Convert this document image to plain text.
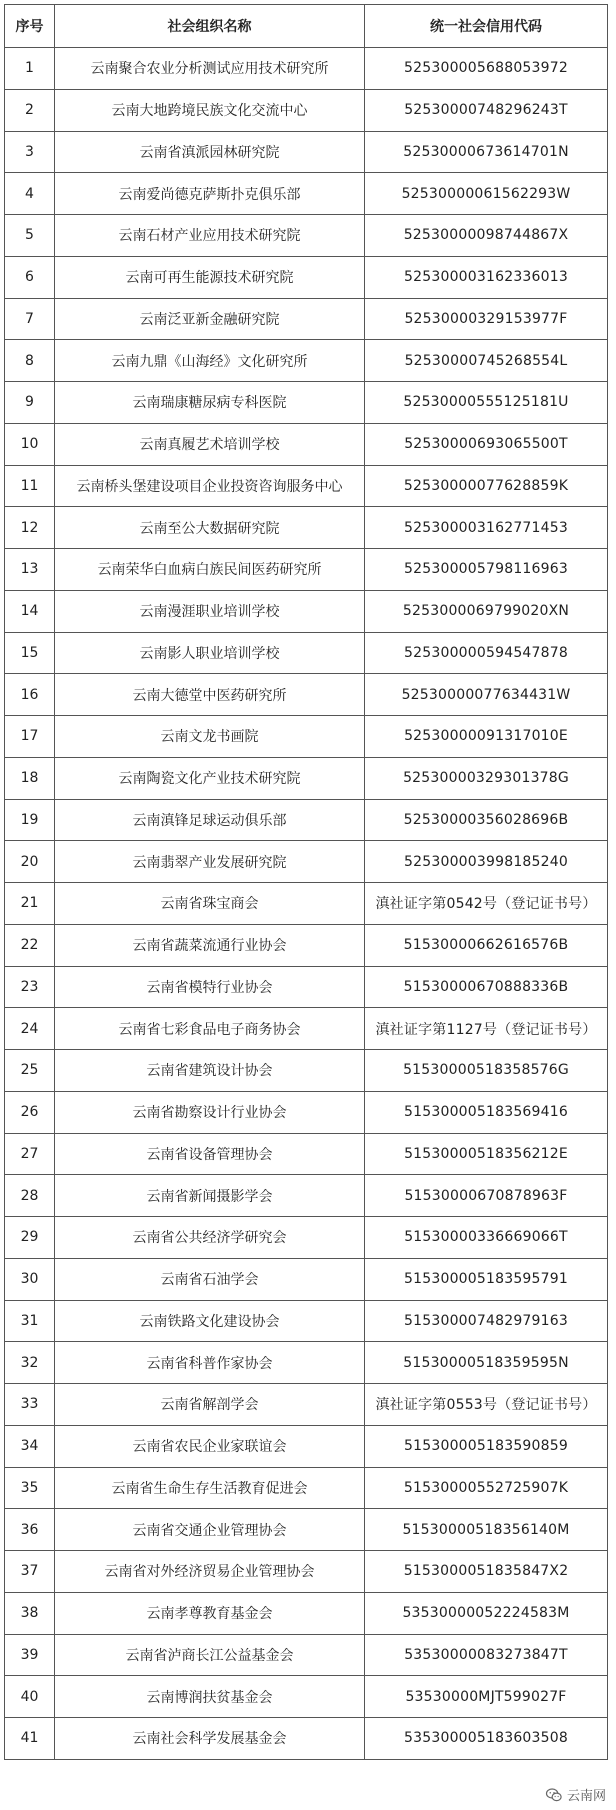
序号	社会组织名称	统一社会信用代码
1	云南聚合农业分析测试应用技术研究所	52530000568805397​2
2	云南大地跨境民族文化交流中心	525300007482962​43T
3	云南省滇派园林研究院	52530000673614701N
4	云南爱尚德克萨斯扑克俱乐部	52530000061562293W
5	云南石材产业应用技术研究院	52530000098744867X
6	云南可再生能源技术研究院	525300003162336013
7	云南泛亚新金融研究院	52530000329153977F
8	云南九鼎《山海经》文化研究所	52530000745268554L
9	云南瑞康糖尿病专科医院	52530000555125181U
10	云南真履艺术培训学校	52530000693065500T
11	云南桥头堡建设项目企业投资咨询服务中心	52530000077628859K
12	云南至公大数据研究院	525300003162771453
13	云南荣华白血病白族民间医药研究所	525300005798116963
14	云南漫涯职业培训学校	5253000069799020XN
15	云南影人职业培训学校	525300000594547878
16	云南大德堂中医药研究所	52530000077634431W
17	云南文龙书画院	52530000091317010E
18	云南陶瓷文化产业技术研究院	52530000329301378G
19	云南滇锋足球运动俱乐部	52530000356028696B
20	云南翡翠产业发展研究院	525300003998185240
21	云南省珠宝商会	滇社证字第0542号（登记证书号）
22	云南省蔬菜流通行业协会	51530000662616576B
23	云南省模特行业协会	51530000670888336B
24	云南省七彩食品电子商务协会	滇社证字第1127号（登记证书号）
25	云南省建筑设计协会	51530000518358576G
26	云南省勘察设计行业协会	515300005183569416
27	云南省设备管理协会	51530000518356212E
28	云南省新闻摄影学会	51530000670878963F
29	云南省公共经济学研究会	51530000336669066T
30	云南省石油学会	515300005183595791
31	云南铁路文化建设协会	515300007482979163
32	云南省科普作家协会	51530000518359595N
33	云南省解剖学会	滇社证字第0553号（登记证书号）
34	云南省农民企业家联谊会	515300005183590859
35	云南省生命生存生活教育促进会	51530000552725907K
36	云南省交通企业管理协会	51530000518356140M
37	云南省对外经济贸易企业管理协会	51530000518358​47X2
38	云南孝尊教育基金会	53530000052224583M
39	云南省泸商长江公益基金会	53530000083273847T
40	云南博润扶贫基金会	53530000MJT599027F
41	云南社会科学发展基金会	535300005183603508
云南网
